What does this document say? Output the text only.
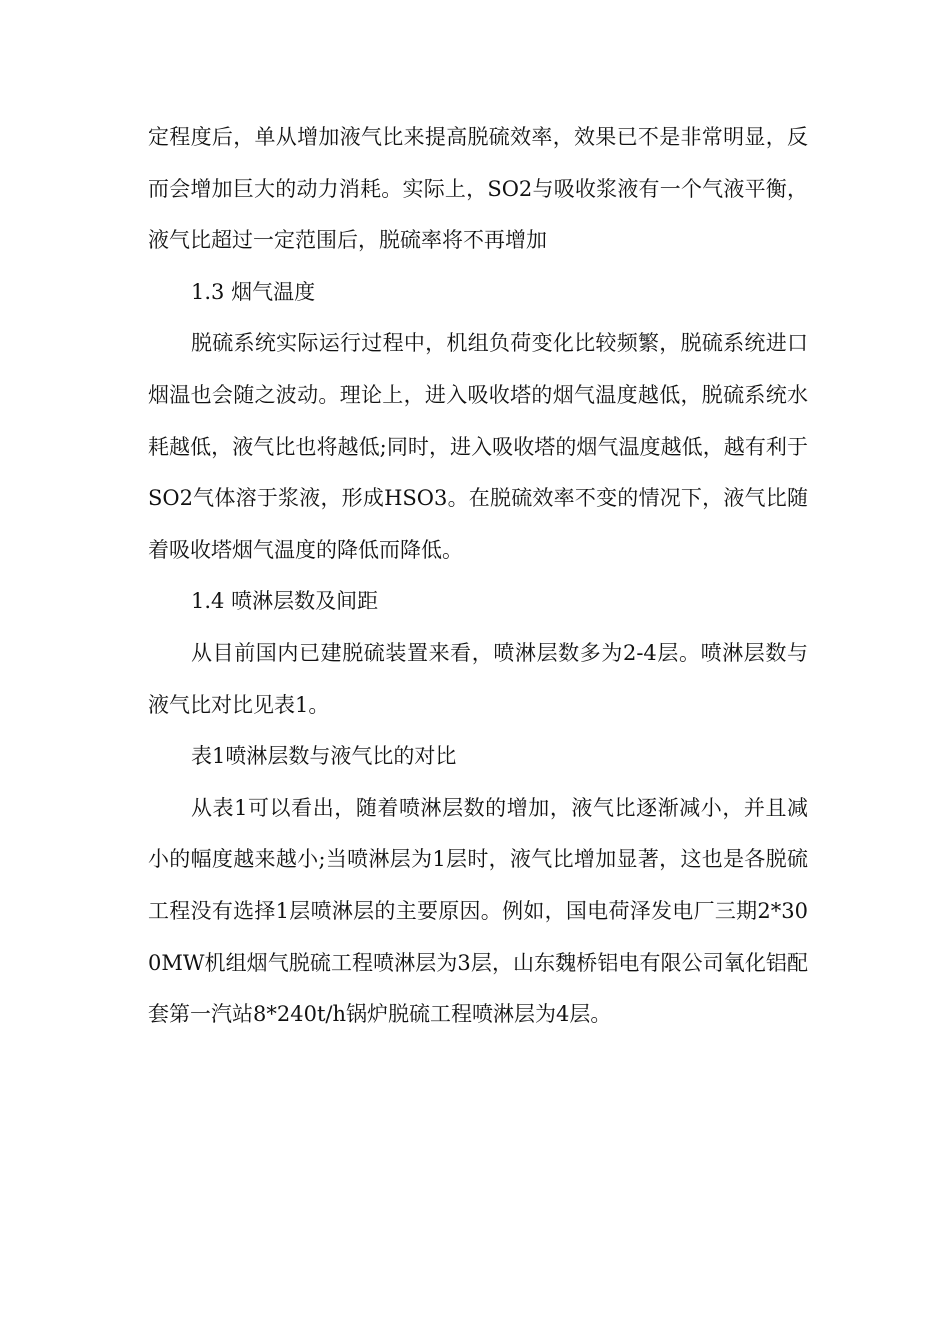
定程度后，单从增加液气比来提高脱硫效率，效果已不是非常明显，反而会增加巨大的动力消耗。实际上，SO2与吸收浆液有一个气液平衡，液气比超过一定范围后，脱硫率将不再增加

1.3 烟气温度

脱硫系统实际运行过程中，机组负荷变化比较频繁，脱硫系统进口烟温也会随之波动。理论上，进入吸收塔的烟气温度越低，脱硫系统水耗越低，液气比也将越低;同时，进入吸收塔的烟气温度越低，越有利于SO2气体溶于浆液，形成HSO3。在脱硫效率不变的情况下，液气比随着吸收塔烟气温度的降低而降低。

1.4 喷淋层数及间距

从目前国内已建脱硫装置来看，喷淋层数多为2-4层。喷淋层数与液气比对比见表1。

表1喷淋层数与液气比的对比

从表1可以看出，随着喷淋层数的增加，液气比逐渐减小，并且减小的幅度越来越小;当喷淋层为1层时，液气比增加显著，这也是各脱硫工程没有选择1层喷淋层的主要原因。例如，国电荷泽发电厂三期2*300MW机组烟气脱硫工程喷淋层为3层，山东魏桥铝电有限公司氧化铝配套第一汽站8*240t/h锅炉脱硫工程喷淋层为4层。
